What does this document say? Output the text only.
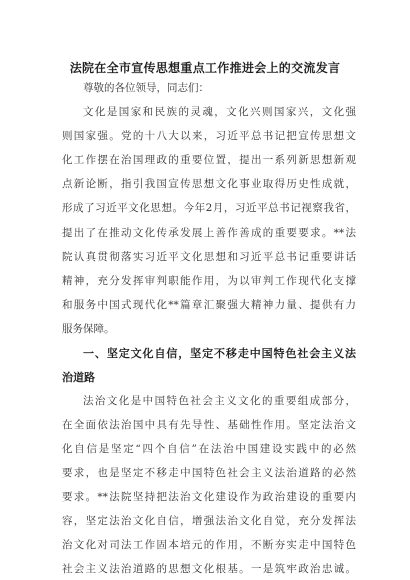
法院在全市宣传思想重点工作推进会上的交流发言
尊敬的各位领导，同志们：
文化是国家和民族的灵魂，文化兴则国家兴，文化强
则国家强。党的十八大以来，习近平总书记把宣传思想文
化工作摆在治国理政的重要位置，提出一系列新思想新观
点新论断，指引我国宣传思想文化事业取得历史性成就，
形成了习近平文化思想。今年2月，习近平总书记视察我省，
提出了在推动文化传承发展上善作善成的重要要求。**法
院认真贯彻落实习近平文化思想和习近平总书记重要讲话
精神，充分发挥审判职能作用，为以审判工作现代化支撑
和服务中国式现代化**篇章汇聚强大精神力量、提供有力
服务保障。
一、坚定文化自信，坚定不移走中国特色社会主义法
治道路
法治文化是中国特色社会主义文化的重要组成部分，
在全面依法治国中具有先导性、基础性作用。坚定法治文
化自信是坚定“四个自信”在法治中国建设实践中的必然
要求，也是坚定不移走中国特色社会主义法治道路的必然
要求。**法院坚持把法治文化建设作为政治建设的重要内
容，坚定法治文化自信，增强法治文化自觉，充分发挥法
治文化对司法工作固本培元的作用，不断夯实走中国特色
社会主义法治道路的思想文化根基。一是筑牢政治忠诚。
